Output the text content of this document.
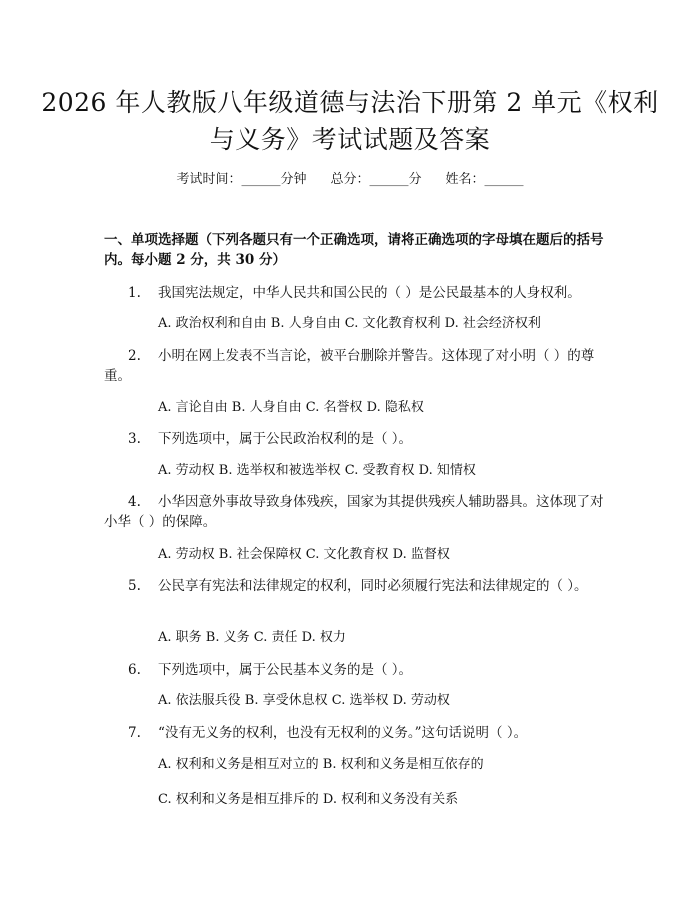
2026 年人教版八年级道德与法治下册第 2 单元《权利与义务》考试试题及答案
考试时间：______分钟 总分：______分 姓名：______
一、单项选择题（下列各题只有一个正确选项，请将正确选项的字母填在题后的括号内。每小题 2 分，共 30 分）
1. 我国宪法规定，中华人民共和国公民的（ ）是公民最基本的人身权利。
A. 政治权利和自由 B. 人身自由 C. 文化教育权利 D. 社会经济权利
2. 小明在网上发表不当言论，被平台删除并警告。这体现了对小明（ ）的尊重。
A. 言论自由 B. 人身自由 C. 名誉权 D. 隐私权
3. 下列选项中，属于公民政治权利的是（ ）。
A. 劳动权 B. 选举权和被选举权 C. 受教育权 D. 知情权
4. 小华因意外事故导致身体残疾，国家为其提供残疾人辅助器具。这体现了对小华（ ）的保障。
A. 劳动权 B. 社会保障权 C. 文化教育权 D. 监督权
5. 公民享有宪法和法律规定的权利，同时必须履行宪法和法律规定的（ ）。
A. 职务 B. 义务 C. 责任 D. 权力
6. 下列选项中，属于公民基本义务的是（ ）。
A. 依法服兵役 B. 享受休息权 C. 选举权 D. 劳动权
7. “没有无义务的权利，也没有无权利的义务。”这句话说明（ ）。
A. 权利和义务是相互对立的 B. 权利和义务是相互依存的
C. 权利和义务是相互排斥的 D. 权利和义务没有关系
